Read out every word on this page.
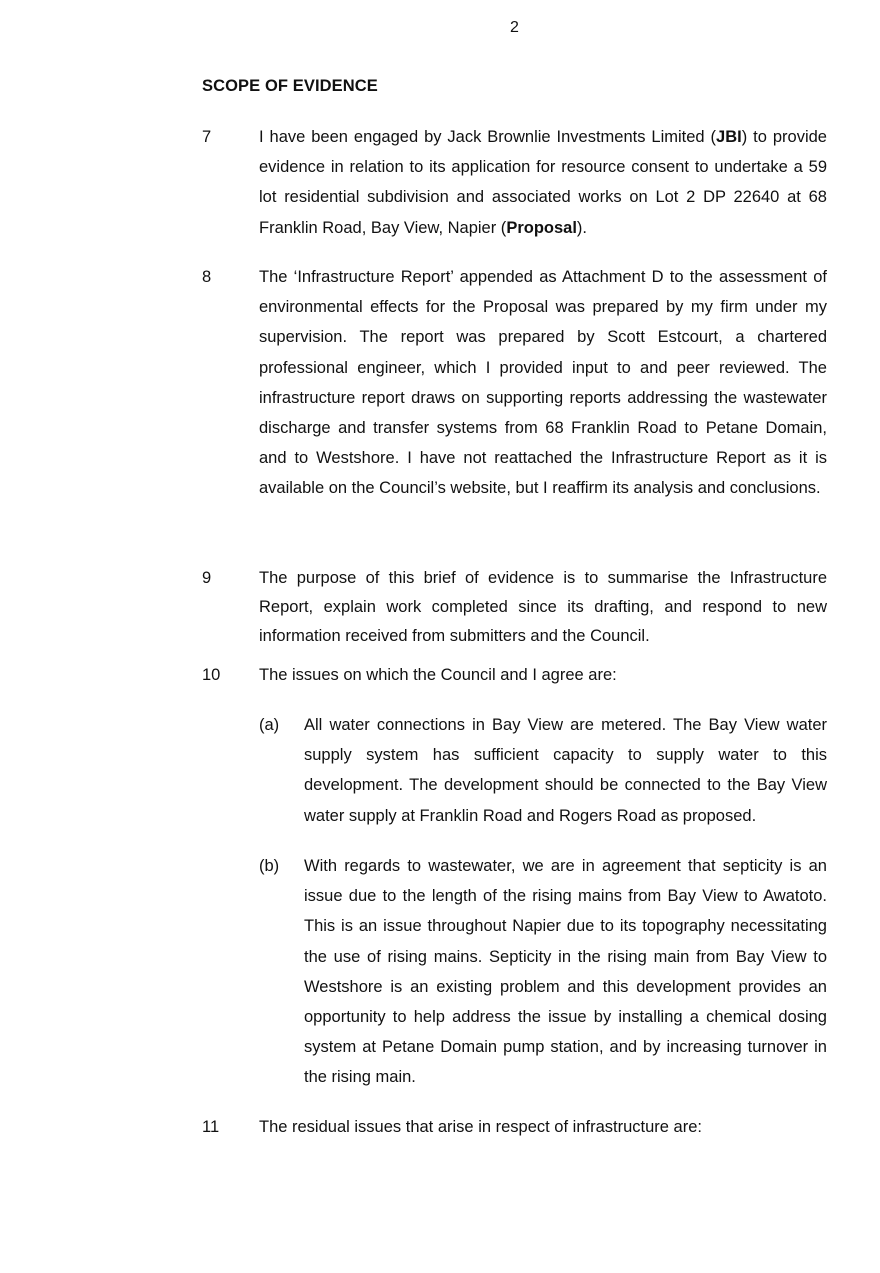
2
SCOPE OF EVIDENCE
7	I have been engaged by Jack Brownlie Investments Limited (JBI) to provide evidence in relation to its application for resource consent to undertake a 59 lot residential subdivision and associated works on Lot 2 DP 22640 at 68 Franklin Road, Bay View, Napier (Proposal).
8	The ‘Infrastructure Report’ appended as Attachment D to the assessment of environmental effects for the Proposal was prepared by my firm under my supervision. The report was prepared by Scott Estcourt, a chartered professional engineer, which I provided input to and peer reviewed. The infrastructure report draws on supporting reports addressing the wastewater discharge and transfer systems from 68 Franklin Road to Petane Domain, and to Westshore. I have not reattached the Infrastructure Report as it is available on the Council’s website, but I reaffirm its analysis and conclusions.
9	The purpose of this brief of evidence is to summarise the Infrastructure Report, explain work completed since its drafting, and respond to new information received from submitters and the Council.
10 The issues on which the Council and I agree are:
(a) All water connections in Bay View are metered. The Bay View water supply system has sufficient capacity to supply water to this development. The development should be connected to the Bay View water supply at Franklin Road and Rogers Road as proposed.
(b) With regards to wastewater, we are in agreement that septicity is an issue due to the length of the rising mains from Bay View to Awatoto. This is an issue throughout Napier due to its topography necessitating the use of rising mains. Septicity in the rising main from Bay View to Westshore is an existing problem and this development provides an opportunity to help address the issue by installing a chemical dosing system at Petane Domain pump station, and by increasing turnover in the rising main.
11 The residual issues that arise in respect of infrastructure are:
